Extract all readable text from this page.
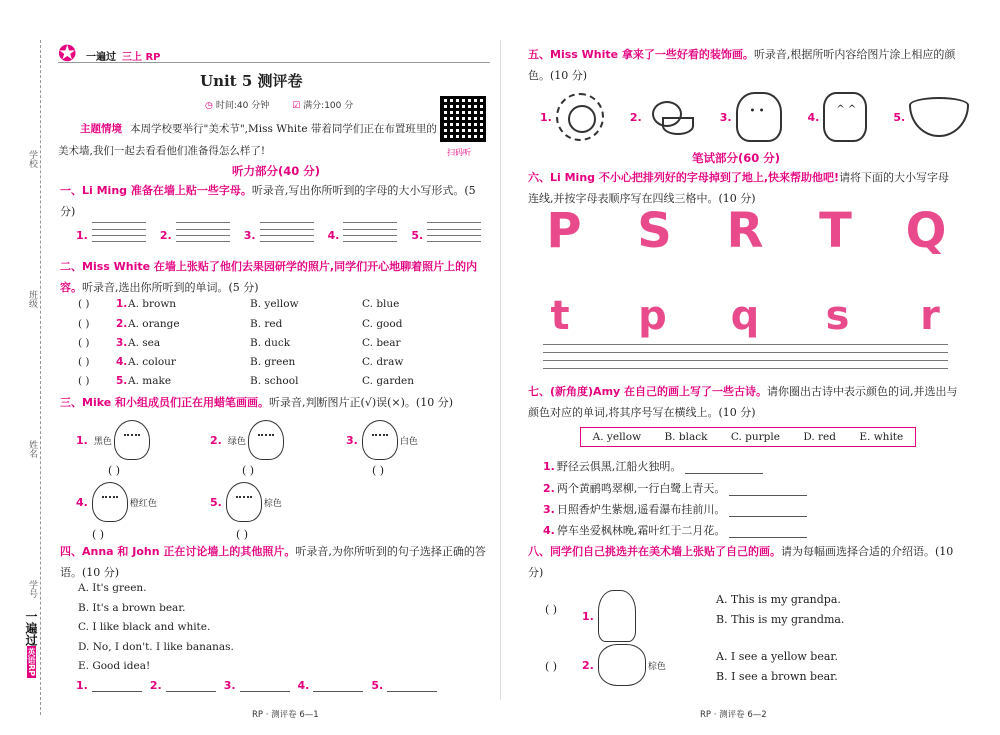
学校
班级
姓名
学号
一遍过英语RP
✪ 一遍过 三上 RP
Unit 5 测评卷
◷ 时间:40 分钟	☑ 满分:100 分
扫码听
主题情境 本周学校要举行"美术节",Miss White 带着同学们正在布置班里的美术墙,我们一起去看看他们准备得怎么样了!
听力部分(40 分)
一、Li Ming 准备在墙上贴一些字母。听录音,写出你所听到的字母的大小写形式。(5 分)
1.	2.	3.	4.	5.
二、Miss White 在墙上张贴了他们去果园研学的照片,同学们开心地聊着照片上的内容。听录音,选出你所听到的单词。(5 分)
( )	1. A. brown	B. yellow	C. blue
( )	2. A. orange	B. red	C. good
( )	3. A. sea	B. duck	C. bear
( )	4. A. colour	B. green	C. draw
( )	5. A. make	B. school	C. garden
三、Mike 和小组成员们正在用蜡笔画画。听录音,判断图片正(√)误(×)。(10 分)
1. 黑色	2. 绿色	3.	白色
( )	( )	( )
4.	橙红色	5.	棕色
( )	( )
四、Anna 和 John 正在讨论墙上的其他照片。听录音,为你所听到的句子选择正确的答语。(10 分)
A. It's green.
B. It's a brown bear.
C. I like black and white.
D. No, I don't. I like bananas.
E. Good idea!
1.	2.	3.	4.	5.
RP · 测评卷 6—1
五、Miss White 拿来了一些好看的装饰画。听录音,根据所听内容给图片涂上相应的颜色。(10 分)
1.	2.	3. • •	4. ^ ^	5.
笔试部分(60 分)
六、Li Ming 不小心把排列好的字母掉到了地上,快来帮助他吧!请将下面的大小写字母连线,并按字母表顺序写在四线三格中。(10 分)
P S R T Q
t p q s r
七、(新角度)Amy 在自己的画上写了一些古诗。请你圈出古诗中表示颜色的词,并选出与颜色对应的单词,将其序号写在横线上。(10 分)
A. yellow B. black C. purple D. red E. white
1. 野径云俱黑,江船火独明。
2. 两个黄鹂鸣翠柳,一行白鹭上青天。
3. 日照香炉生紫烟,遥看瀑布挂前川。
4. 停车坐爱枫林晚,霜叶红于二月花。
八、同学们自己挑选并在美术墙上张贴了自己的画。请为每幅画选择合适的介绍语。(10 分)
( ) 1.
A. This is my grandpa.
B. This is my grandma.
( ) 2.	棕色
A. I see a yellow bear.
B. I see a brown bear.
RP · 测评卷 6—2
